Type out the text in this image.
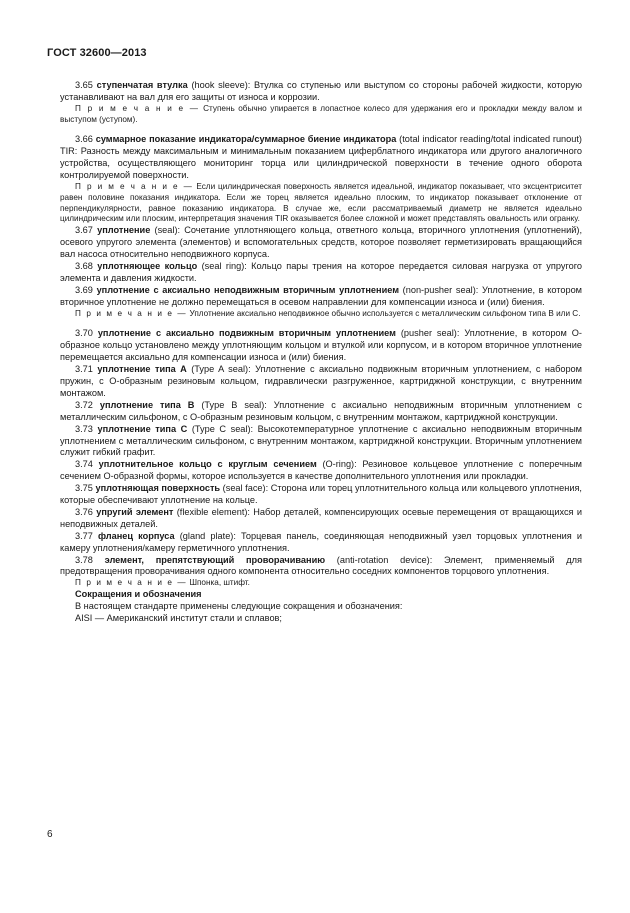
ГОСТ 32600—2013

3.65 ступенчатая втулка (hook sleeve): Втулка со ступенью или выступом со стороны рабочей жидкости, которую устанавливают на вал для его защиты от износа и коррозии.

П р и м е ч а н и е — Ступень обычно упирается в лопастное колесо для удержания его и прокладки между валом и выступом (уступом).

3.66 суммарное показание индикатора/суммарное биение индикатора (total indicator reading/total indicated runout) TIR: Разность между максимальным и минимальным показанием циферблатного индикатора или другого аналогичного устройства, осуществляющего мониторинг торца или цилиндрической поверхности в течение одного оборота контролируемой поверхности.

П р и м е ч а н и е — Если цилиндрическая поверхность является идеальной, индикатор показывает, что эксцентриситет равен половине показания индикатора. Если же торец является идеально плоским, то индикатор показывает отклонение от перпендикулярности, равное показанию индикатора. В случае же, если рассматриваемый диаметр не является идеально цилиндрическим или плоским, интерпретация значения TIR оказывается более сложной и может представлять овальность или огранку.

3.67 уплотнение (seal): Сочетание уплотняющего кольца, ответного кольца, вторичного уплотнения (уплотнений), осевого упругого элемента (элементов) и вспомогательных средств, которое позволяет герметизировать вращающийся вал насоса относительно неподвижного корпуса.

3.68 уплотняющее кольцо (seal ring): Кольцо пары трения на которое передается силовая нагрузка от упругого элемента и давления жидкости.

3.69 уплотнение с аксиально неподвижным вторичным уплотнением (non-pusher seal): Уплотнение, в котором вторичное уплотнение не должно перемещаться в осевом направлении для компенсации износа и (или) биения.

П р и м е ч а н и е — Уплотнение аксиально неподвижное обычно используется с металлическим сильфоном типа B или C.

3.70 уплотнение с аксиально подвижным вторичным уплотнением (pusher seal): Уплотнение, в котором О-образное кольцо установлено между уплотняющим кольцом и втулкой или корпусом, и в котором вторичное уплотнение перемещается аксиально для компенсации износа и (или) биения.

3.71 уплотнение типа А (Type A seal): Уплотнение с аксиально подвижным вторичным уплотнением, с набором пружин, с О-образным резиновым кольцом, гидравлически разгруженное, картриджной конструкции, с внутренним монтажом.

3.72 уплотнение типа В (Type B seal): Уплотнение с аксиально неподвижным вторичным уплотнением с металлическим сильфоном, с О-образным резиновым кольцом, с внутренним монтажом, картриджной конструкции.

3.73 уплотнение типа С (Type C seal): Высокотемпературное уплотнение с аксиально неподвижным вторичным уплотнением с металлическим сильфоном, с внутренним монтажом, картриджной конструкции. Вторичным уплотнением служит гибкий графит.

3.74 уплотнительное кольцо с круглым сечением (O-ring): Резиновое кольцевое уплотнение с поперечным сечением О-образной формы, которое используется в качестве дополнительного уплотнения или прокладки.

3.75 уплотняющая поверхность (seal face): Сторона или торец уплотнительного кольца или кольцевого уплотнения, которые обеспечивают уплотнение на кольце.

3.76 упругий элемент (flexible element): Набор деталей, компенсирующих осевые перемещения от вращающихся и неподвижных деталей.

3.77 фланец корпуса (gland plate): Торцевая панель, соединяющая неподвижный узел торцовых уплотнения и камеру уплотнения/камеру герметичного уплотнения.

3.78 элемент, препятствующий проворачиванию (anti-rotation device): Элемент, применяемый для предотвращения проворачивания одного компонента относительно соседних компонентов торцового уплотнения.

П р и м е ч а н и е — Шпонка, штифт.

Сокращения и обозначения

В настоящем стандарте применены следующие сокращения и обозначения:

AISI — Американский институт стали и сплавов;

6
